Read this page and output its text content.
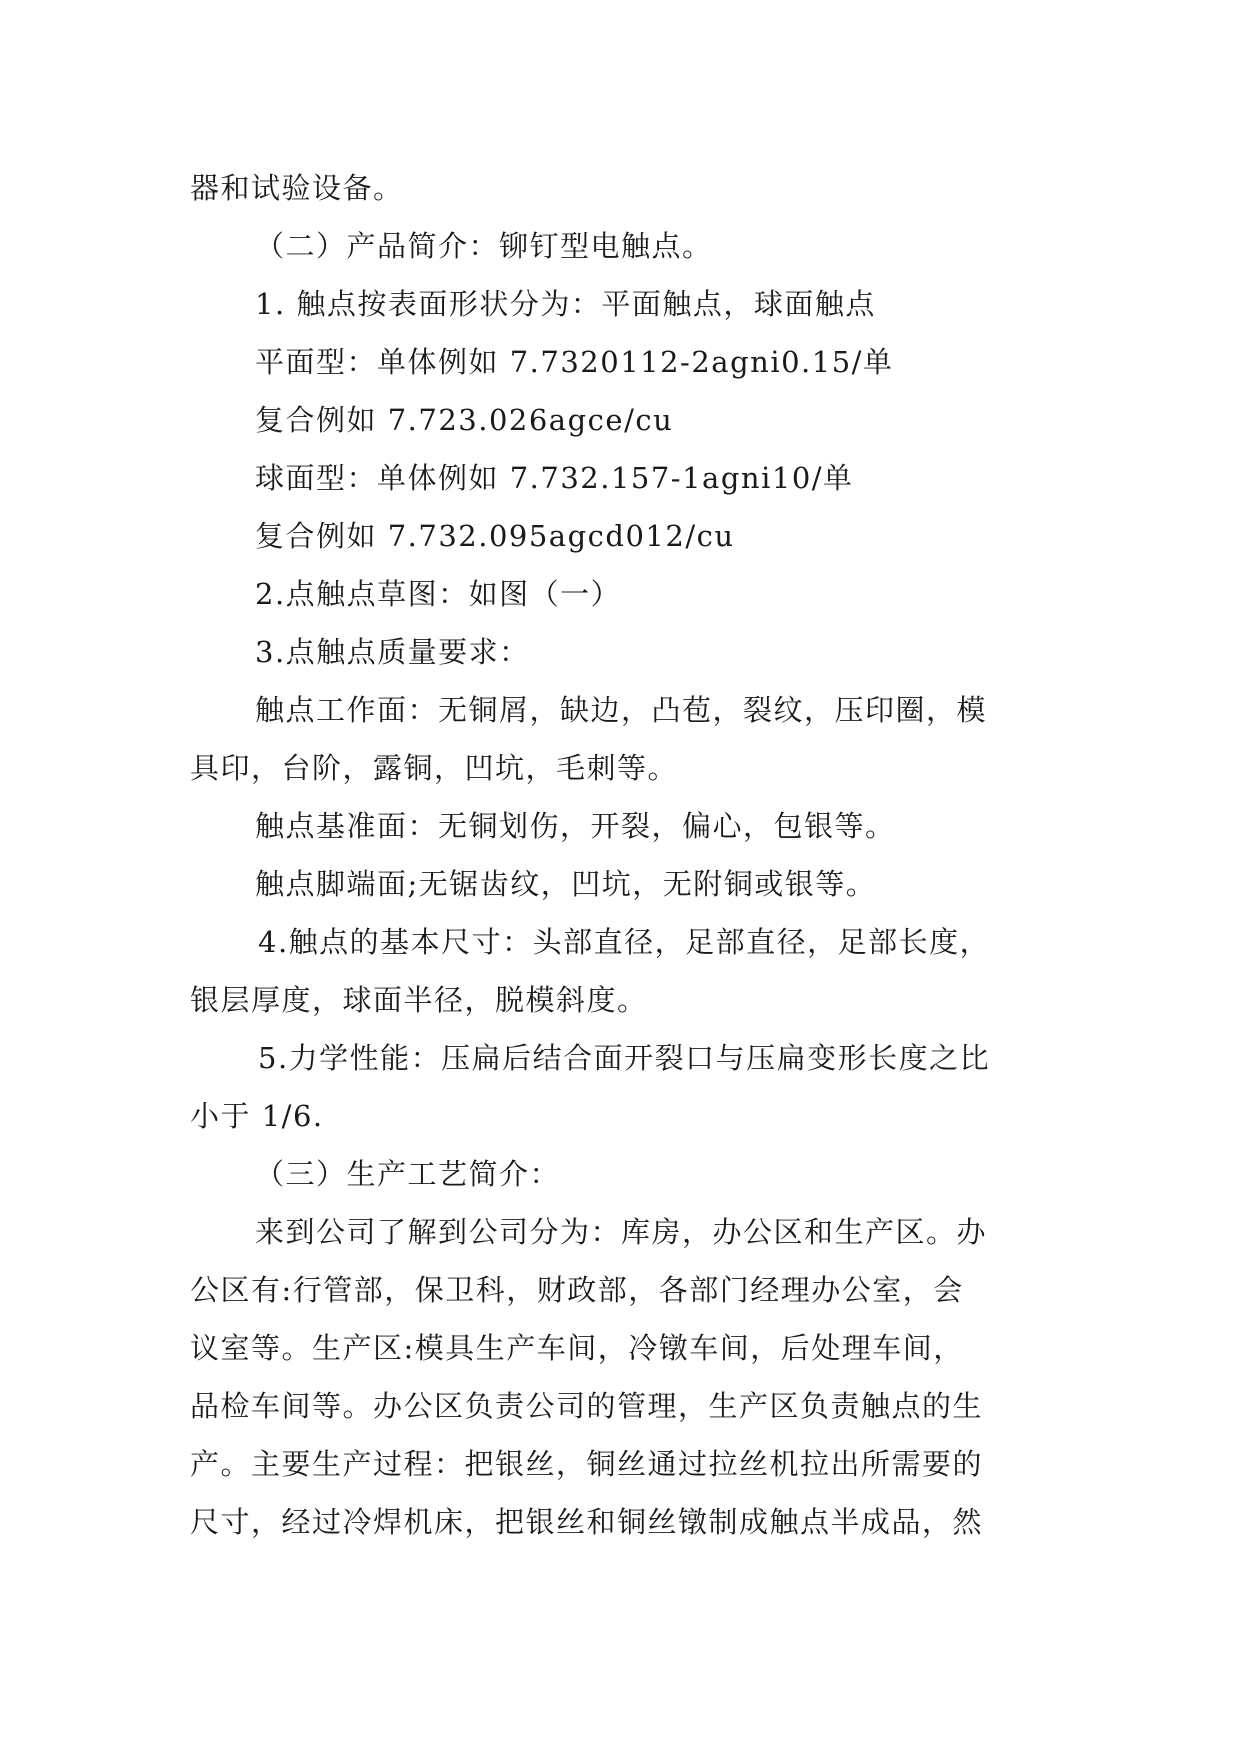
器和试验设备。
（二）产品简介：铆钉型电触点。
1. 触点按表面形状分为：平面触点，球面触点
平面型：单体例如 7.7320112-2agni0.15/单
复合例如 7.723.026agce/cu
球面型：单体例如 7.732.157-1agni10/单
复合例如 7.732.095agcd012/cu
2.点触点草图：如图（一）
3.点触点质量要求：
触点工作面：无铜屑，缺边，凸苞，裂纹，压印圈，模
具印，台阶，露铜，凹坑，毛刺等。
触点基准面：无铜划伤，开裂，偏心，包银等。
触点脚端面;无锯齿纹，凹坑，无附铜或银等。
4.触点的基本尺寸：头部直径，足部直径，足部长度，
银层厚度，球面半径，脱模斜度。
5.力学性能：压扁后结合面开裂口与压扁变形长度之比
小于 1/6.
（三）生产工艺简介：
来到公司了解到公司分为：库房，办公区和生产区。办
公区有:行管部，保卫科，财政部，各部门经理办公室，会
议室等。生产区:模具生产车间，冷镦车间，后处理车间，
品检车间等。办公区负责公司的管理，生产区负责触点的生
产。主要生产过程：把银丝，铜丝通过拉丝机拉出所需要的
尺寸，经过冷焊机床，把银丝和铜丝镦制成触点半成品，然
